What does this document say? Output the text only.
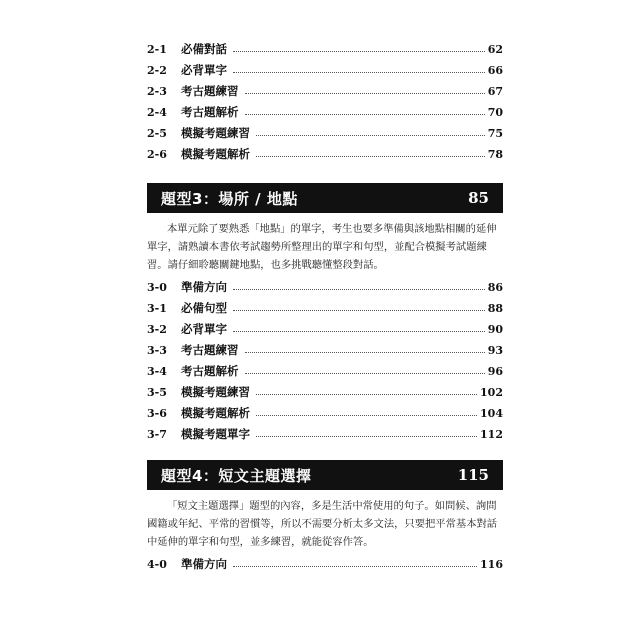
2-1	必備對話	62
2-2	必背單字	66
2-3	考古題練習	67
2-4	考古題解析	70
2-5	模擬考題練習	75
2-6	模擬考題解析	78
題型3：場所 / 地點	85

本單元除了要熟悉「地點」的單字，考生也要多準備與該地點相關的延伸單字，請熟讀本書依考試趨勢所整理出的單字和句型，並配合模擬考試題練習。請仔細聆聽關鍵地點，也多挑戰聽懂整段對話。

3-0	準備方向	86
3-1	必備句型	88
3-2	必背單字	90
3-3	考古題練習	93
3-4	考古題解析	96
3-5	模擬考題練習	102
3-6	模擬考題解析	104
3-7	模擬考題單字	112
題型4：短文主題選擇	115

「短文主題選擇」題型的內容，多是生活中常使用的句子。如問候、詢問國籍或年紀、平常的習慣等，所以不需要分析太多文法，只要把平常基本對話中延伸的單字和句型，並多練習，就能從容作答。

4-0	準備方向	116
